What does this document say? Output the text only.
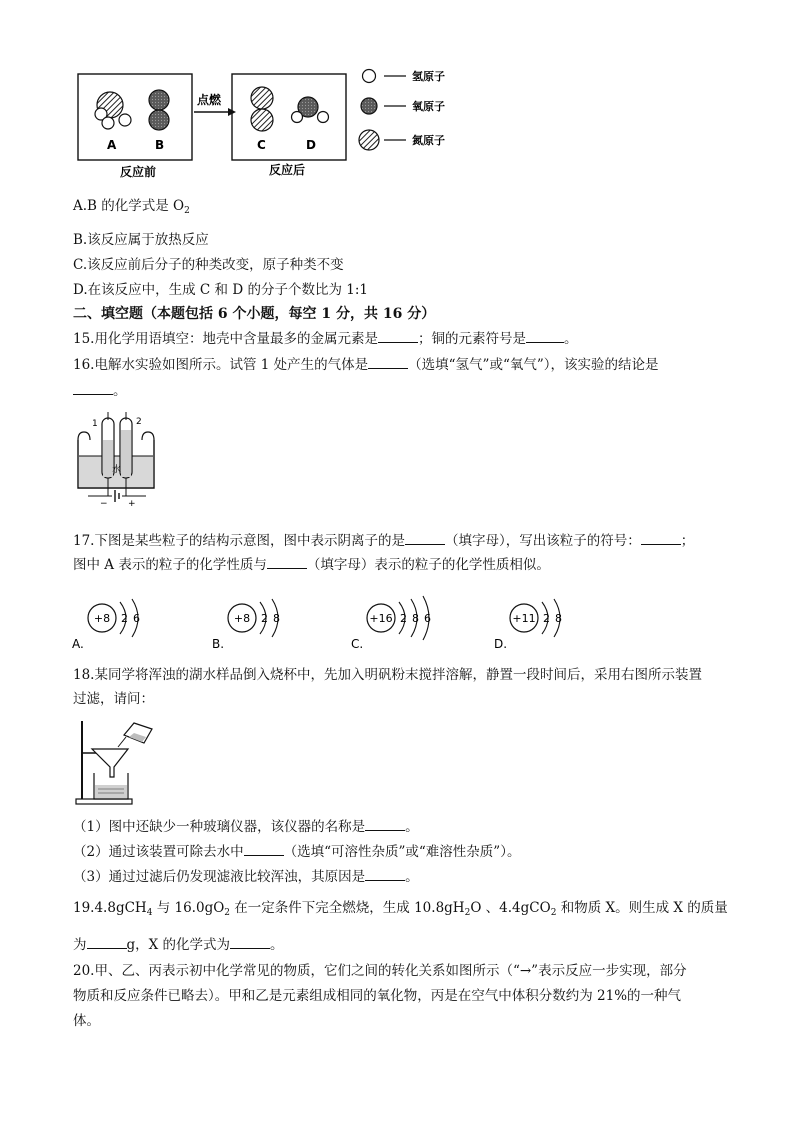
A	B
反应前
点燃
C	D
反应后
氢原子
氧原子
氮原子
A.B 的化学式是 $O_2$
B.该反应属于放热反应
C.该反应前后分子的种类改变，原子种类不变
D.在该反应中，生成 C 和 D 的分子个数比为 1:1
二、填空题（本题包括 6 个小题，每空 1 分，共 16 分）
15.用化学用语填空：地壳中含量最多的金属元素是	；铜的元素符号是	。
16.电解水实验如图所示。试管 1 处产生的气体是	（选填“氢气”或“氧气”），该实验的结论是
。
1	2
水
− +
17.下图是某些粒子的结构示意图，图中表示阴离子的是	（填字母），写出该粒子的符号：	；
图中 A 表示的粒子的化学性质与	（填字母）表示的粒子的化学性质相似。
+8 2 6
A.
+8 2 8
B.
+16 2 8 6
C.
+11 2 8
D.
18.某同学将浑浊的湖水样品倒入烧杯中，先加入明矾粉末搅拌溶解，静置一段时间后，采用右图所示装置
过滤，请问：
（1）图中还缺少一种玻璃仪器，该仪器的名称是	。
（2）通过该装置可除去水中	（选填“可溶性杂质”或“难溶性杂质”）。
（3）通过过滤后仍发现滤液比较浑浊，其原因是	。
19.4.8gCH$_4$ 与 $16.0gO_2$ 在一定条件下完全燃烧，生成 $10.8gH_2O$ 、4.4gCO$_2$ 和物质 X。则生成 X 的质量
为	g，X 的化学式为	。
20.甲、乙、丙表示初中化学常见的物质，它们之间的转化关系如图所示（“→”表示反应一步实现，部分
物质和反应条件已略去）。甲和乙是元素组成相同的氧化物，丙是在空气中体积分数约为 21%的一种气
体。
